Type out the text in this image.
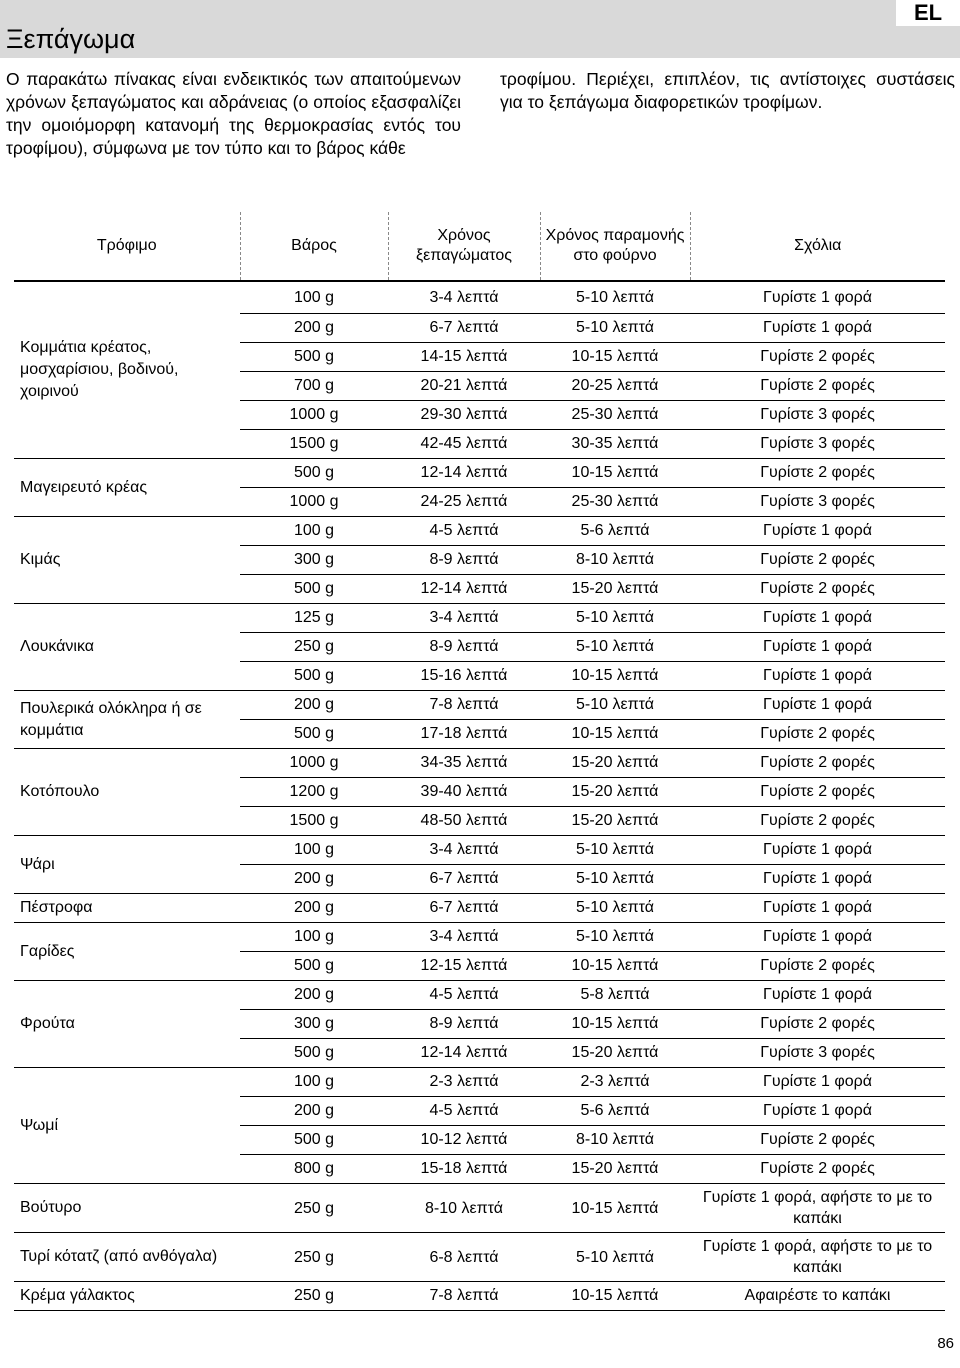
Ξεπάγωμα
EL

Ο παρακάτω πίνακας είναι ενδεικτικός των απαιτούμενων χρόνων ξεπαγώματος και αδράνειας (ο οποίος εξασφαλίζει την ομοιόμορφη κατανομή της θερμοκρασίας εντός του τροφίμου), σύμφωνα με τον τύπο και το βάρος κάθε

τροφίμου. Περιέχει, επιπλέον, τις αντίστοιχες συστάσεις για το ξεπάγωμα διαφορετικών τροφίμων.

Τρόφιμο	Βάρος	Χρόνος ξεπαγώματος	Χρόνος παραμονής στο φούρνο	Σχόλια
Κομμάτια κρέατος, μοσχαρίσιου, βοδινού, χοιρινού	100 g	3-4 λεπτά	5-10 λεπτά	Γυρίστε 1 φορά
	200 g	6-7 λεπτά	5-10 λεπτά	Γυρίστε 1 φορά
	500 g	14-15 λεπτά	10-15 λεπτά	Γυρίστε 2 φορές
	700 g	20-21 λεπτά	20-25 λεπτά	Γυρίστε 2 φορές
	1000 g	29-30 λεπτά	25-30 λεπτά	Γυρίστε 3 φορές
	1500 g	42-45 λεπτά	30-35 λεπτά	Γυρίστε 3 φορές
Μαγειρευτό κρέας	500 g	12-14 λεπτά	10-15 λεπτά	Γυρίστε 2 φορές
	1000 g	24-25 λεπτά	25-30 λεπτά	Γυρίστε 3 φορές
Κιμάς	100 g	4-5 λεπτά	5-6 λεπτά	Γυρίστε 1 φορά
	300 g	8-9 λεπτά	8-10 λεπτά	Γυρίστε 2 φορές
	500 g	12-14 λεπτά	15-20 λεπτά	Γυρίστε 2 φορές
Λουκάνικα	125 g	3-4 λεπτά	5-10 λεπτά	Γυρίστε 1 φορά
	250 g	8-9 λεπτά	5-10 λεπτά	Γυρίστε 1 φορά
	500 g	15-16 λεπτά	10-15 λεπτά	Γυρίστε 1 φορά
Πουλερικά ολόκληρα ή σε κομμάτια	200 g	7-8 λεπτά	5-10 λεπτά	Γυρίστε 1 φορά
	500 g	17-18 λεπτά	10-15 λεπτά	Γυρίστε 2 φορές
Κοτόπουλο	1000 g	34-35 λεπτά	15-20 λεπτά	Γυρίστε 2 φορές
	1200 g	39-40 λεπτά	15-20 λεπτά	Γυρίστε 2 φορές
	1500 g	48-50 λεπτά	15-20 λεπτά	Γυρίστε 2 φορές
Ψάρι	100 g	3-4 λεπτά	5-10 λεπτά	Γυρίστε 1 φορά
	200 g	6-7 λεπτά	5-10 λεπτά	Γυρίστε 1 φορά
Πέστροφα	200 g	6-7 λεπτά	5-10 λεπτά	Γυρίστε 1 φορά
Γαρίδες	100 g	3-4 λεπτά	5-10 λεπτά	Γυρίστε 1 φορά
	500 g	12-15 λεπτά	10-15 λεπτά	Γυρίστε 2 φορές
Φρούτα	200 g	4-5 λεπτά	5-8 λεπτά	Γυρίστε 1 φορά
	300 g	8-9 λεπτά	10-15 λεπτά	Γυρίστε 2 φορές
	500 g	12-14 λεπτά	15-20 λεπτά	Γυρίστε 3 φορές
Ψωμί	100 g	2-3 λεπτά	2-3 λεπτά	Γυρίστε 1 φορά
	200 g	4-5 λεπτά	5-6 λεπτά	Γυρίστε 1 φορά
	500 g	10-12 λεπτά	8-10 λεπτά	Γυρίστε 2 φορές
	800 g	15-18 λεπτά	15-20 λεπτά	Γυρίστε 2 φορές
Βούτυρο	250 g	8-10 λεπτά	10-15 λεπτά	Γυρίστε 1 φορά, αφήστε το με το καπάκι
Τυρί κότατζ (από ανθόγαλα)	250 g	6-8 λεπτά	5-10 λεπτά	Γυρίστε 1 φορά, αφήστε το με το καπάκι
Κρέμα γάλακτος	250 g	7-8 λεπτά	10-15 λεπτά	Αφαιρέστε το καπάκι
86
